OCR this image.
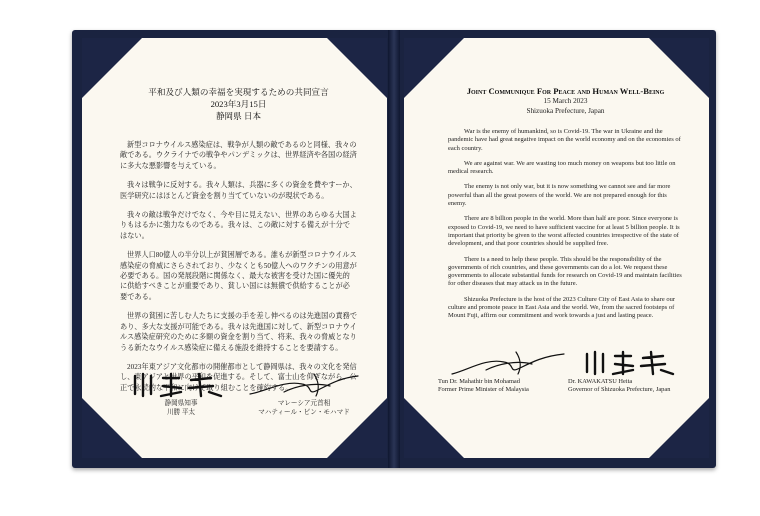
平和及び人類の幸福を実現するための共同宣言
2023年3月15日
静岡県 日本

新型コロナウイルス感染症は、戦争が人類の敵であるのと同様、我々の敵である。ウクライナでの戦争やパンデミックは、世界経済や各国の経済に多大な悪影響を与えている。

我々は戦争に反対する。我々人類は、兵器に多くの資金を費やすーか、医学研究にはほとんど資金を割り当てていないのが現状である。

我々の敵は戦争だけでなく、今や目に見えない、世界のあらゆる大国よりもはるかに強力なものである。我々は、この敵に対する備えが十分ではない。

世界人口80億人の半分以上が貧困層である。誰もが新型コロナウイルス感染症の脅威にさらされており、少なくとも50億人へのワクチンの用意が必要である。国の発展段階に関係なく、最大な被害を受けた国に優先的に供給すべきことが重要であり、貧しい国には無償で供給することが必要である。

世界の貧困に苦しむ人たちに支援の手を差し伸べるのは先進国の責務であり、多大な支援が可能である。我々は先進国に対して、新型コロナウイルス感染症研究のために多額の資金を割り当て、将来、我々の脅威となりうる新たなウイルス感染症に備える施設を維持することを要請する。

2023年東アジア文化都市の開催都市として静岡県は、我々の文化を発信し、東アジアと世界の平和を促進する。そして、富士山を仰ぎながら、公正で永続的な平和に向けて取り組むことを確約する。

静岡県知事
川勝 平太
マレーシア元首相
マハティール・ビン・モハマド
Joint Communique For Peace and Human Well-Being
15 March 2023
Shizuoka Prefecture, Japan

War is the enemy of humankind, so is Covid-19. The war in Ukraine and the pandemic have had great negative impact on the world economy and on the economies of each country.

We are against war. We are wasting too much money on weapons but too little on medical research.

The enemy is not only war, but it is now something we cannot see and far more powerful than all the great powers of the world. We are not prepared enough for this enemy.

There are 8 billion people in the world. More than half are poor. Since everyone is exposed to Covid-19, we need to have sufficient vaccine for at least 5 billion people. It is important that priority be given to the worst affected countries irrespective of the state of development, and that poor countries should be supplied free.

There is a need to help these people. This should be the responsibility of the governments of rich countries, and these governments can do a lot. We request these governments to allocate substantial funds for research on Covid-19 and maintain facilities for other diseases that may attack us in the future.

Shizuoka Prefecture is the host of the 2023 Culture City of East Asia to share our culture and promote peace in East Asia and the world. We, from the sacred footsteps of Mount Fuji, affirm our commitment and work towards a just and lasting peace.

Tun Dr. Mahathir bin Mohamad
Former Prime Minister of Malaysia
Dr. KAWAKATSU Heita
Governor of Shizuoka Prefecture, Japan
